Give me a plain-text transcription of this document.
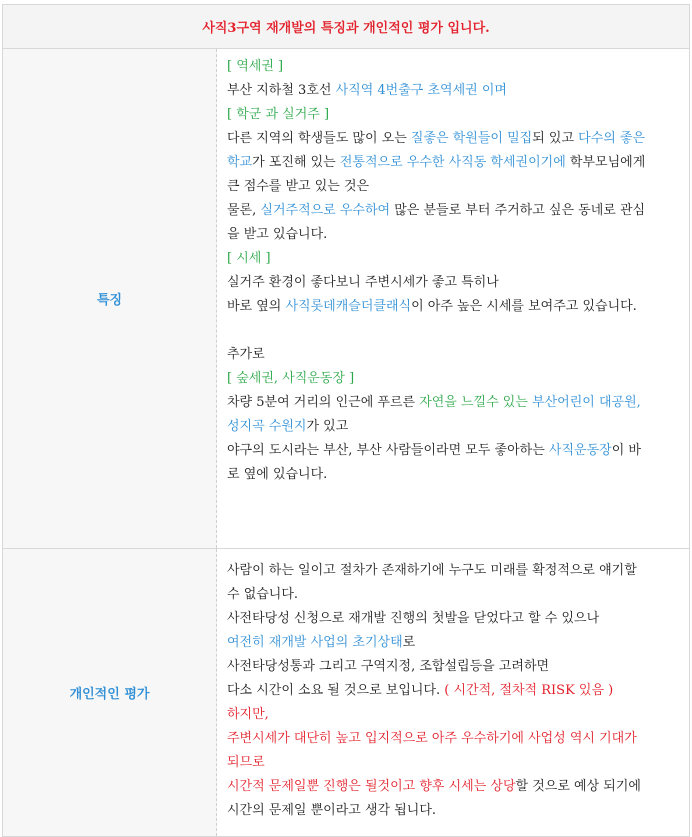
사직3구역 재개발의 특징과 개인적인 평가 입니다.
특징

[ 역세권 ]

부산 지하철 3호선 사직역 4번출구 초역세권 이며

[ 학군 과 실거주 ]

다른 지역의 학생들도 많이 오는 질좋은 학원들이 밀집되 있고 다수의 좋은

학교가 포진해 있는 전통적으로 우수한 사직동 학세권이기에 학부모님에게

큰 점수를 받고 있는 것은

물론, 실거주적으로 우수하여 많은 분들로 부터 주거하고 싶은 동네로 관심

을 받고 있습니다.

[ 시세 ]

실거주 환경이 좋다보니 주변시세가 좋고 특히나

바로 옆의 사직롯데캐슬더클래식이 아주 높은 시세를 보여주고 있습니다.

추가로

[ 숲세권, 사직운동장 ]

차량 5분여 거리의 인근에 푸르른 자연을 느낄수 있는 부산어린이 대공원,

성지곡 수원지가 있고

야구의 도시라는 부산, 부산 사람들이라면 모두 좋아하는 사직운동장이 바

로 옆에 있습니다.

개인적인 평가

사람이 하는 일이고 절차가 존재하기에 누구도 미래를 확정적으로 얘기할

수 없습니다.

사전타당성 신청으로 재개발 진행의 첫발을 닫었다고 할 수 있으나

여전히 재개발 사업의 초기상태로

사전타당성통과 그리고 구역지정, 조합설립등을 고려하면

다소 시간이 소요 될 것으로 보입니다. ( 시간적, 절차적 RISK 있음 )

하지만,

주변시세가 대단히 높고 입지적으로 아주 우수하기에 사업성 역시 기대가

되므로

시간적 문제일뿐 진행은 될것이고 향후 시세는 상당할 것으로 예상 되기에

시간의 문제일 뿐이라고 생각 됩니다.
